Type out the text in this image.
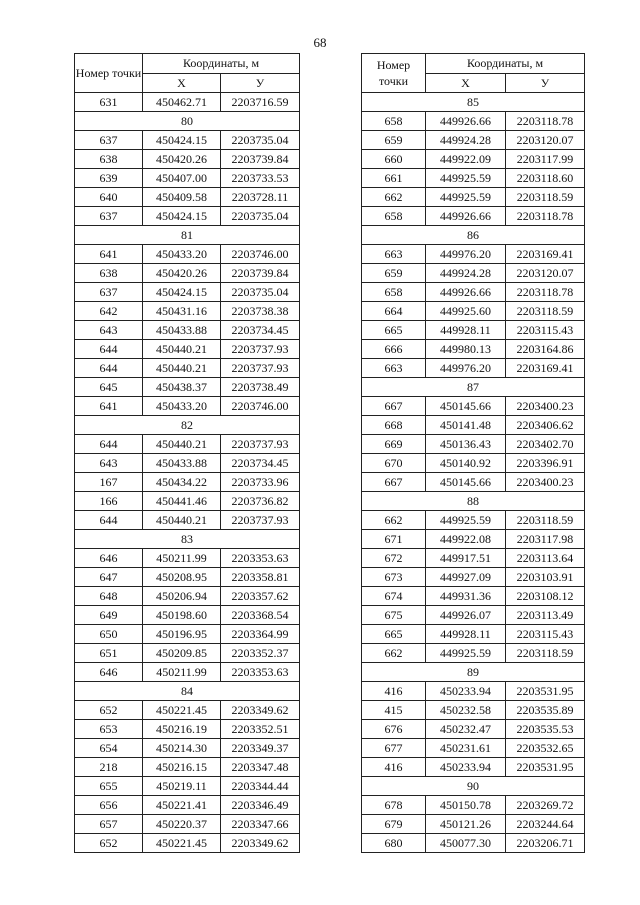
68
Номер точки	Координаты, м	
	Х	У
631	450462.71	2203716.59
80		
637	450424.15	2203735.04
638	450420.26	2203739.84
639	450407.00	2203733.53
640	450409.58	2203728.11
637	450424.15	2203735.04
81		
641	450433.20	2203746.00
638	450420.26	2203739.84
637	450424.15	2203735.04
642	450431.16	2203738.38
643	450433.88	2203734.45
644	450440.21	2203737.93
644	450440.21	2203737.93
645	450438.37	2203738.49
641	450433.20	2203746.00
82		
644	450440.21	2203737.93
643	450433.88	2203734.45
167	450434.22	2203733.96
166	450441.46	2203736.82
644	450440.21	2203737.93
83		
646	450211.99	2203353.63
647	450208.95	2203358.81
648	450206.94	2203357.62
649	450198.60	2203368.54
650	450196.95	2203364.99
651	450209.85	2203352.37
646	450211.99	2203353.63
84		
652	450221.45	2203349.62
653	450216.19	2203352.51
654	450214.30	2203349.37
218	450216.15	2203347.48
655	450219.11	2203344.44
656	450221.41	2203346.49
657	450220.37	2203347.66
652	450221.45	2203349.62
Номер точки	Координаты, м	
	Х	У
85		
658	449926.66	2203118.78
659	449924.28	2203120.07
660	449922.09	2203117.99
661	449925.59	2203118.60
662	449925.59	2203118.59
658	449926.66	2203118.78
86		
663	449976.20	2203169.41
659	449924.28	2203120.07
658	449926.66	2203118.78
664	449925.60	2203118.59
665	449928.11	2203115.43
666	449980.13	2203164.86
663	449976.20	2203169.41
87		
667	450145.66	2203400.23
668	450141.48	2203406.62
669	450136.43	2203402.70
670	450140.92	2203396.91
667	450145.66	2203400.23
88		
662	449925.59	2203118.59
671	449922.08	2203117.98
672	449917.51	2203113.64
673	449927.09	2203103.91
674	449931.36	2203108.12
675	449926.07	2203113.49
665	449928.11	2203115.43
662	449925.59	2203118.59
89		
416	450233.94	2203531.95
415	450232.58	2203535.89
676	450232.47	2203535.53
677	450231.61	2203532.65
416	450233.94	2203531.95
90		
678	450150.78	2203269.72
679	450121.26	2203244.64
680	450077.30	2203206.71
